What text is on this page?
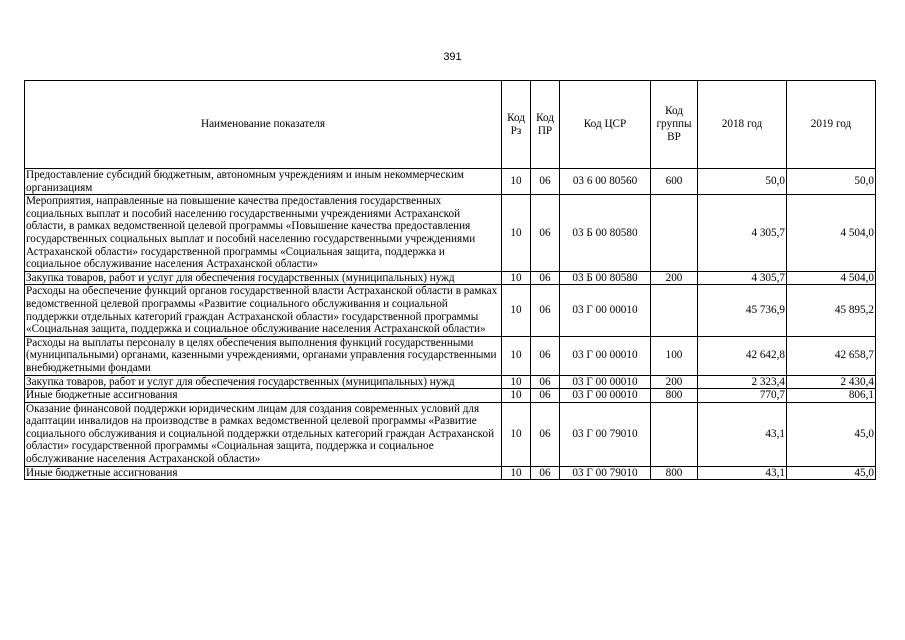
391
Наименование показателя	Код Рз	Код ПР	Код ЦСР	Код группы ВР	2018 год	2019 год
Предоставление субсидий бюджетным, автономным учреждениям и иным некоммерческим организациям	10	06	03 6 00 80560	600	50,0	50,0
Мероприятия, направленные на повышение качества предоставления государственных социальных выплат и пособий населению государственными учреждениями Астраханской области, в рамках ведомственной целевой программы «Повышение качества предоставления государственных социальных выплат и пособий населению государственными учреждениями Астраханской области» государственной программы «Социальная защита, поддержка и социальное обслуживание населения Астраханской области»	10	06	03 Б 00 80580		4 305,7	4 504,0
Закупка товаров, работ и услуг для обеспечения государственных (муниципальных) нужд	10	06	03 Б 00 80580	200	4 305,7	4 504,0
Расходы на обеспечение функций органов государственной власти Астраханской области в рамках ведомственной целевой программы «Развитие социального обслуживания и социальной поддержки отдельных категорий граждан Астраханской области» государственной программы «Социальная защита, поддержка и социальное обслуживание населения Астраханской области»	10	06	03 Г 00 00010		45 736,9	45 895,2
Расходы на выплаты персоналу в целях обеспечения выполнения функций государственными (муниципальными) органами, казенными учреждениями, органами управления государственными внебюджетными фондами	10	06	03 Г 00 00010	100	42 642,8	42 658,7
Закупка товаров, работ и услуг для обеспечения государственных (муниципальных) нужд	10	06	03 Г 00 00010	200	2 323,4	2 430,4
Иные бюджетные ассигнования	10	06	03 Г 00 00010	800	770,7	806,1
Оказание финансовой поддержки юридическим лицам для создания современных условий для адаптации инвалидов на производстве в рамках ведомственной целевой программы «Развитие социального обслуживания и социальной поддержки отдельных категорий граждан Астраханской области» государственной программы «Социальная защита, поддержка и социальное обслуживание населения Астраханской области»	10	06	03 Г 00 79010		43,1	45,0
Иные бюджетные ассигнования	10	06	03 Г 00 79010	800	43,1	45,0
